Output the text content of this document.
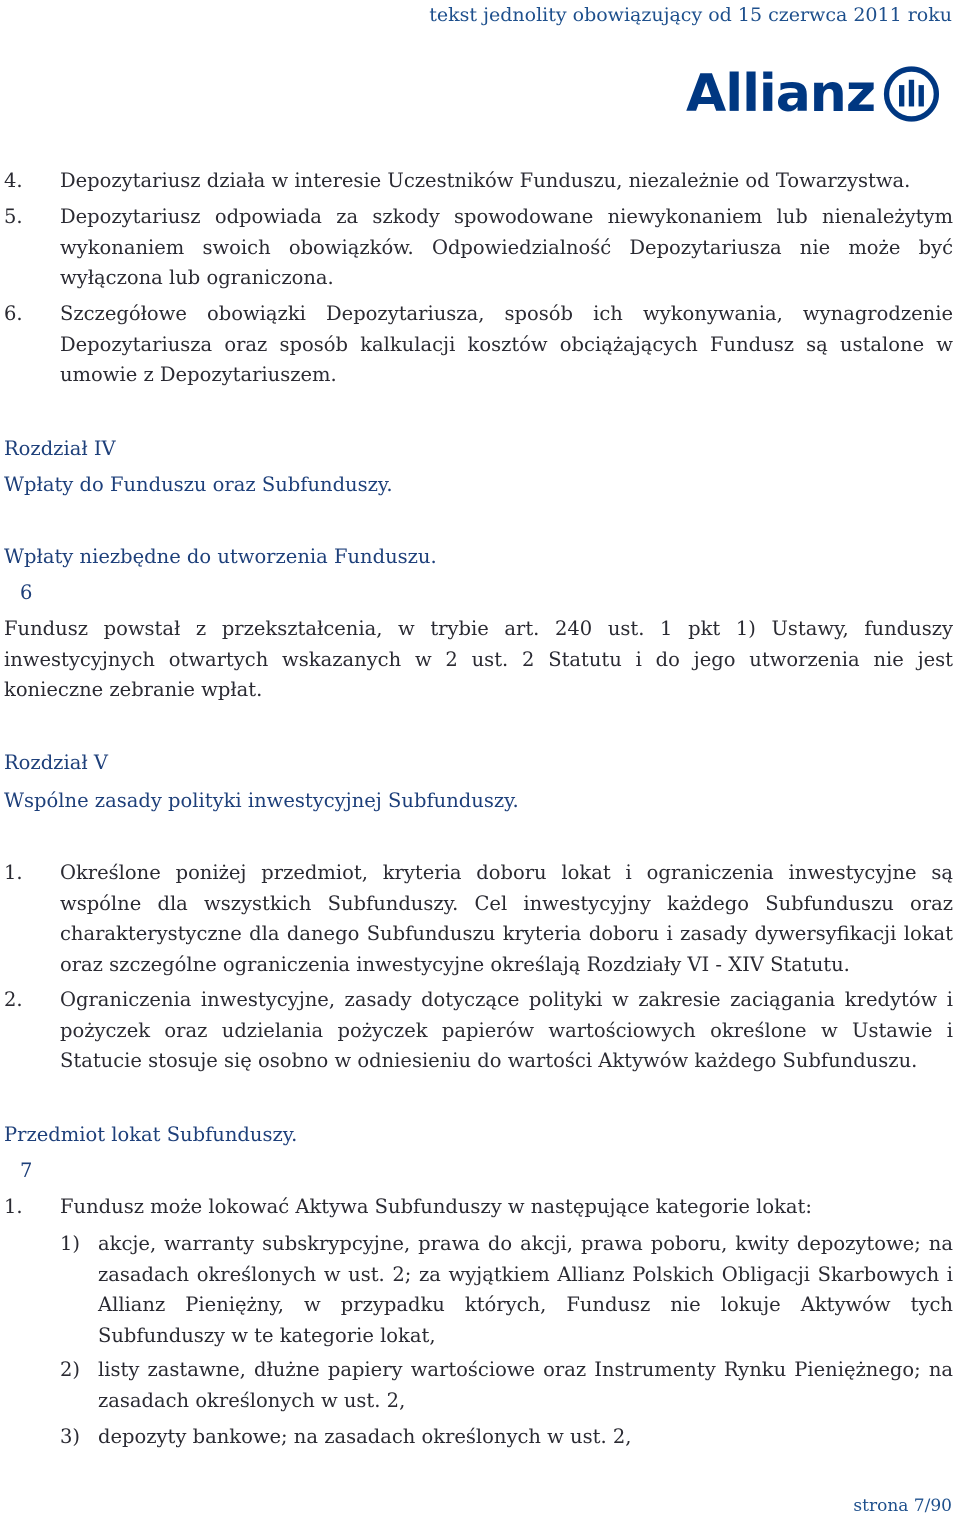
tekst jednolity obowiązujący od 15 czerwca 2011 roku
Allianz
4. Depozytariusz działa w interesie Uczestników Funduszu, niezależnie od Towarzystwa.
5. Depozytariusz odpowiada za szkody spowodowane niewykonaniem lub nienależytym wykonaniem swoich obowiązków. Odpowiedzialność Depozytariusza nie może być wyłączona lub ograniczona.
6. Szczegółowe obowiązki Depozytariusza, sposób ich wykonywania, wynagrodzenie Depozytariusza oraz sposób kalkulacji kosztów obciążających Fundusz są ustalone w umowie z Depozytariuszem.
Rozdział IV
Wpłaty do Funduszu oraz Subfunduszy.
Wpłaty niezbędne do utworzenia Funduszu.
§ 6
Fundusz powstał z przekształcenia, w trybie art. 240 ust. 1 pkt 1) Ustawy, funduszy inwestycyjnych otwartych wskazanych w 2 ust. 2 Statutu i do jego utworzenia nie jest konieczne zebranie wpłat.
Rozdział V
Wspólne zasady polityki inwestycyjnej Subfunduszy.
1. Określone poniżej przedmiot, kryteria doboru lokat i ograniczenia inwestycyjne są wspólne dla wszystkich Subfunduszy. Cel inwestycyjny każdego Subfunduszu oraz charakterystyczne dla danego Subfunduszu kryteria doboru i zasady dywersyfikacji lokat oraz szczególne ograniczenia inwestycyjne określają Rozdziały VI - XIV Statutu.
2. Ograniczenia inwestycyjne, zasady dotyczące polityki w zakresie zaciągania kredytów i pożyczek oraz udzielania pożyczek papierów wartościowych określone w Ustawie i Statucie stosuje się osobno w odniesieniu do wartości Aktywów każdego Subfunduszu.
Przedmiot lokat Subfunduszy.
§ 7
1. Fundusz może lokować Aktywa Subfunduszy w następujące kategorie lokat:
1) akcje, warranty subskrypcyjne, prawa do akcji, prawa poboru, kwity depozytowe; na zasadach określonych w ust. 2; za wyjątkiem Allianz Polskich Obligacji Skarbowych i Allianz Pieniężny, w przypadku których, Fundusz nie lokuje Aktywów tych Subfunduszy w te kategorie lokat,
2) listy zastawne, dłużne papiery wartościowe oraz Instrumenty Rynku Pieniężnego; na zasadach określonych w ust. 2,
3) depozyty bankowe; na zasadach określonych w ust. 2,
strona 7/90
